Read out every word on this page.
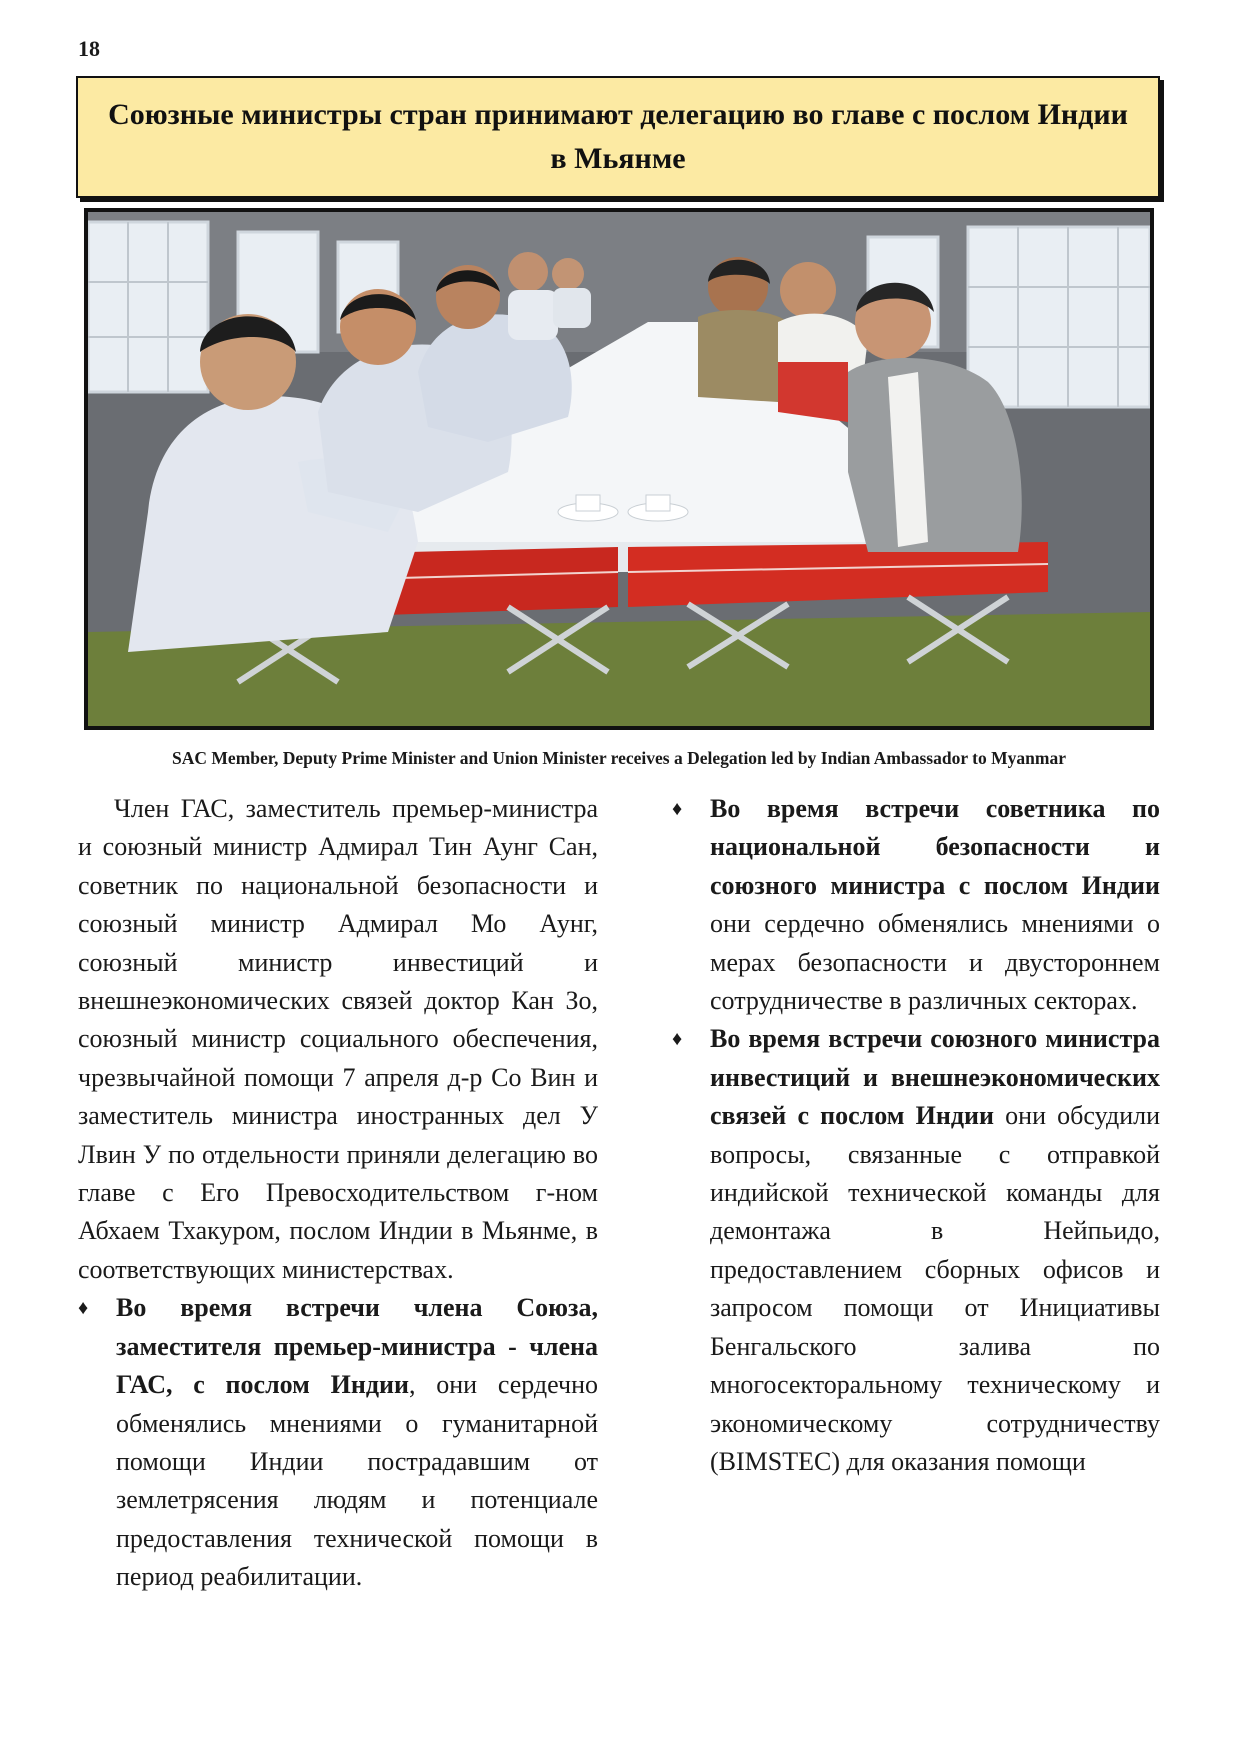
18
Союзные министры стран принимают делегацию во главе с послом Индии в Мьянме
SAC Member, Deputy Prime Minister and Union Minister receives a Delegation led by Indian Ambassador to Myanmar

Член ГАС, заместитель премьер-министра и союзный министр Адмирал Тин Аунг Сан, советник по национальной безопасности и союзный министр Адмирал Мо Аунг, союзный министр инвестиций и внешнеэкономических связей доктор Кан Зо, союзный министр социального обеспечения, чрезвычайной помощи 7 апреля д-р Со Вин и заместитель министра иностранных дел У Лвин У по отдельности приняли делегацию во главе с Его Превосходительством г-ном Абхаем Тхакуром, послом Индии в Мьянме, в соответствующих министерствах.

♦ Во время встречи члена Союза, заместителя премьер-министра - члена ГАС, с послом Индии, они сердечно обменялись мнениями о гуманитарной помощи Индии пострадавшим от землетрясения людям и потенциале предоставления технической помощи в период реабилитации.
♦ Во время встречи советника по национальной безопасности и союзного министра с послом Индии они сердечно обменялись мнениями о мерах безопасности и двустороннем сотрудничестве в различных секторах.
♦ Во время встречи союзного министра инвестиций и внешнеэкономических связей с послом Индии они обсудили вопросы, связанные с отправкой индийской технической команды для демонтажа в Нейпьидо, предоставлением сборных офисов и запросом помощи от Инициативы Бенгальского залива по многосекторальному техническому и экономическому сотрудничеству (BIMSTEC) для оказания помощи
